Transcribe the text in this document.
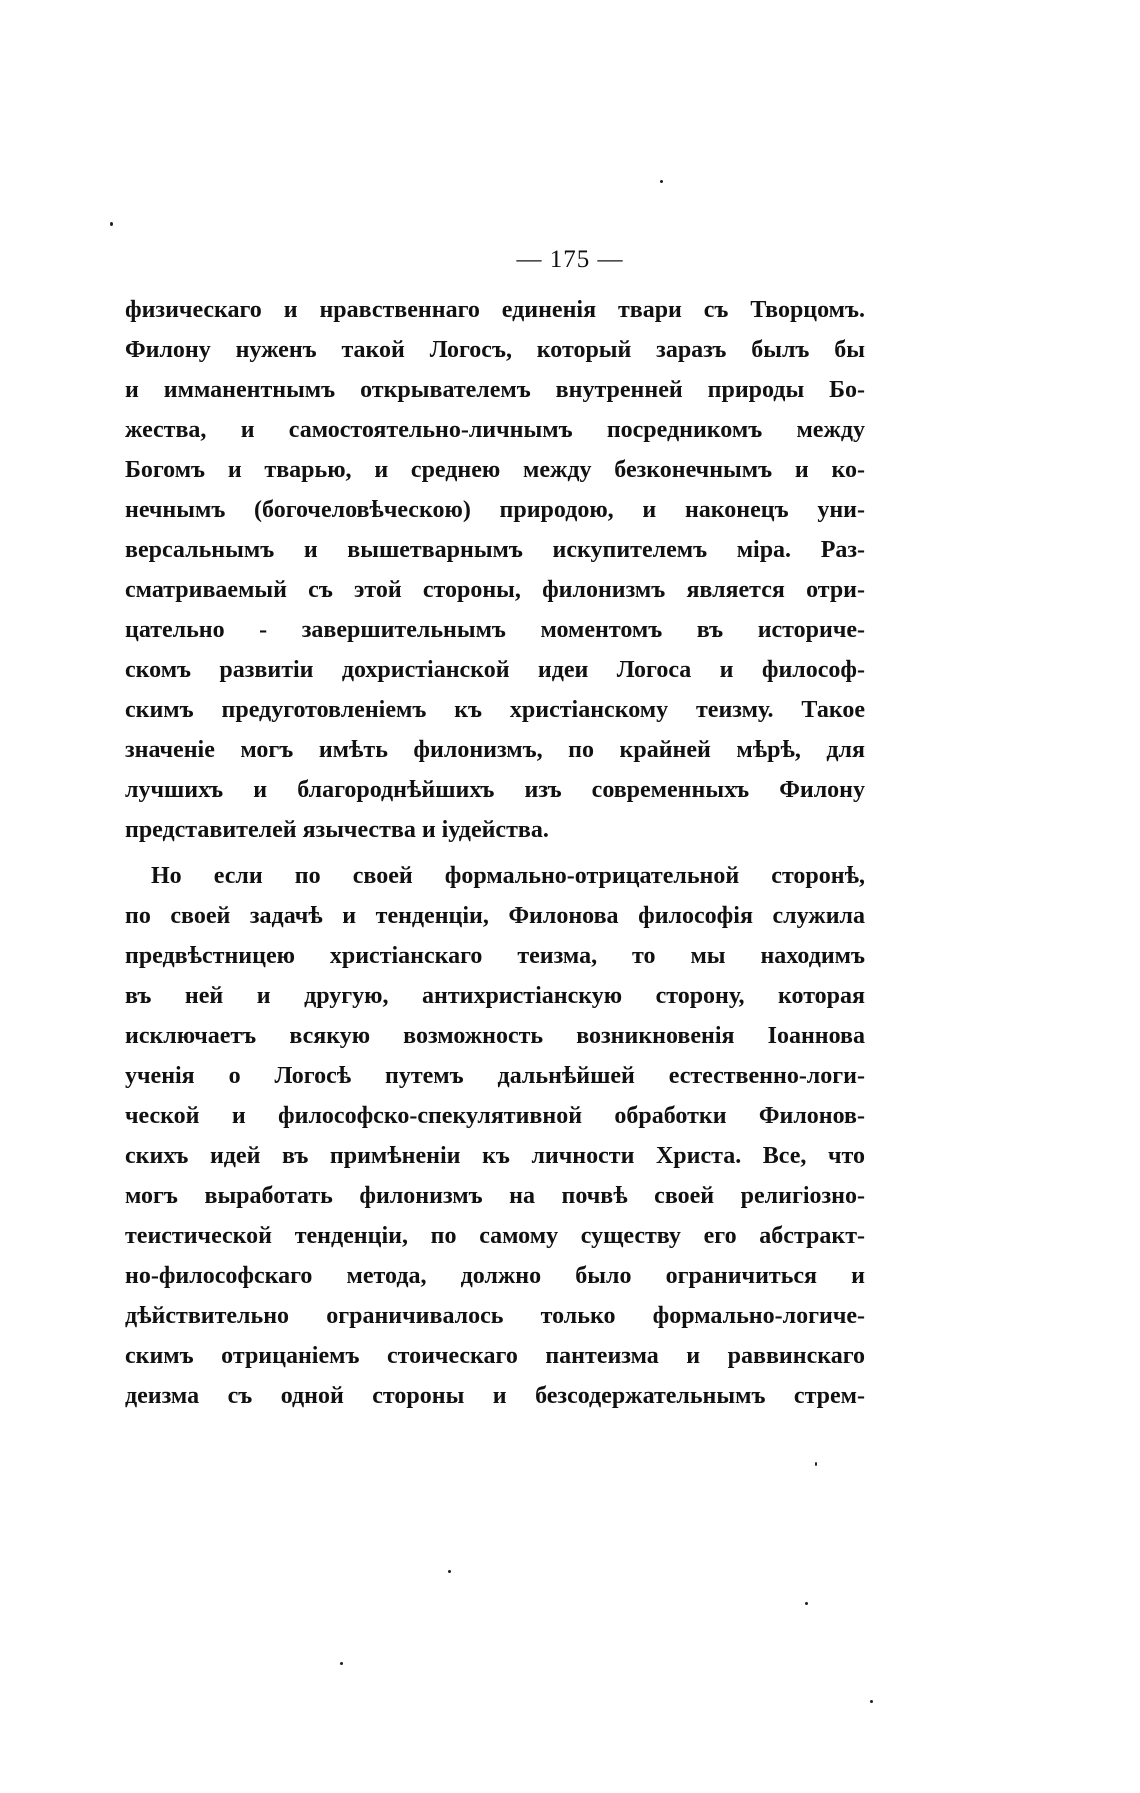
— 175 —
физическаго и нравственнаго единенія твари съ Творцомъ.
Филону нуженъ такой Логосъ, который заразъ былъ бы
и имманентнымъ открывателемъ внутренней природы Бо-
жества, и самостоятельно-личнымъ посредникомъ между
Богомъ и тварью, и среднею между безконечнымъ и ко-
нечнымъ (богочеловѣческою) природою, и наконецъ уни-
версальнымъ и вышетварнымъ искупителемъ міра. Раз-
сматриваемый съ этой стороны, филонизмъ является отри-
цательно - завершительнымъ моментомъ въ историче-
скомъ развитіи дохристіанской идеи Логоса и философ-
скимъ предуготовленіемъ къ христіанскому теизму. Такое
значеніе могъ имѣть филонизмъ, по крайней мѣрѣ, для
лучшихъ и благороднѣйшихъ изъ современныхъ Филону
представителей язычества и іудейства.
Но если по своей формально-отрицательной сторонѣ,
по своей задачѣ и тенденціи, Филонова философія служила
предвѣстницею христіанскаго теизма, то мы находимъ
въ ней и другую, антихристіанскую сторону, которая
исключаетъ всякую возможность возникновенія Іоаннова
ученія о Логосѣ путемъ дальнѣйшей естественно-логи-
ческой и философско-спекулятивной обработки Филонов-
скихъ идей въ примѣненіи къ личности Христа. Все, что
могъ выработать филонизмъ на почвѣ своей религіозно-
теистической тенденціи, по самому существу его абстракт-
но-философскаго метода, должно было ограничиться и
дѣйствительно ограничивалось только формально-логиче-
скимъ отрицаніемъ стоическаго пантеизма и раввинскаго
деизма съ одной стороны и безсодержательнымъ стрем-
